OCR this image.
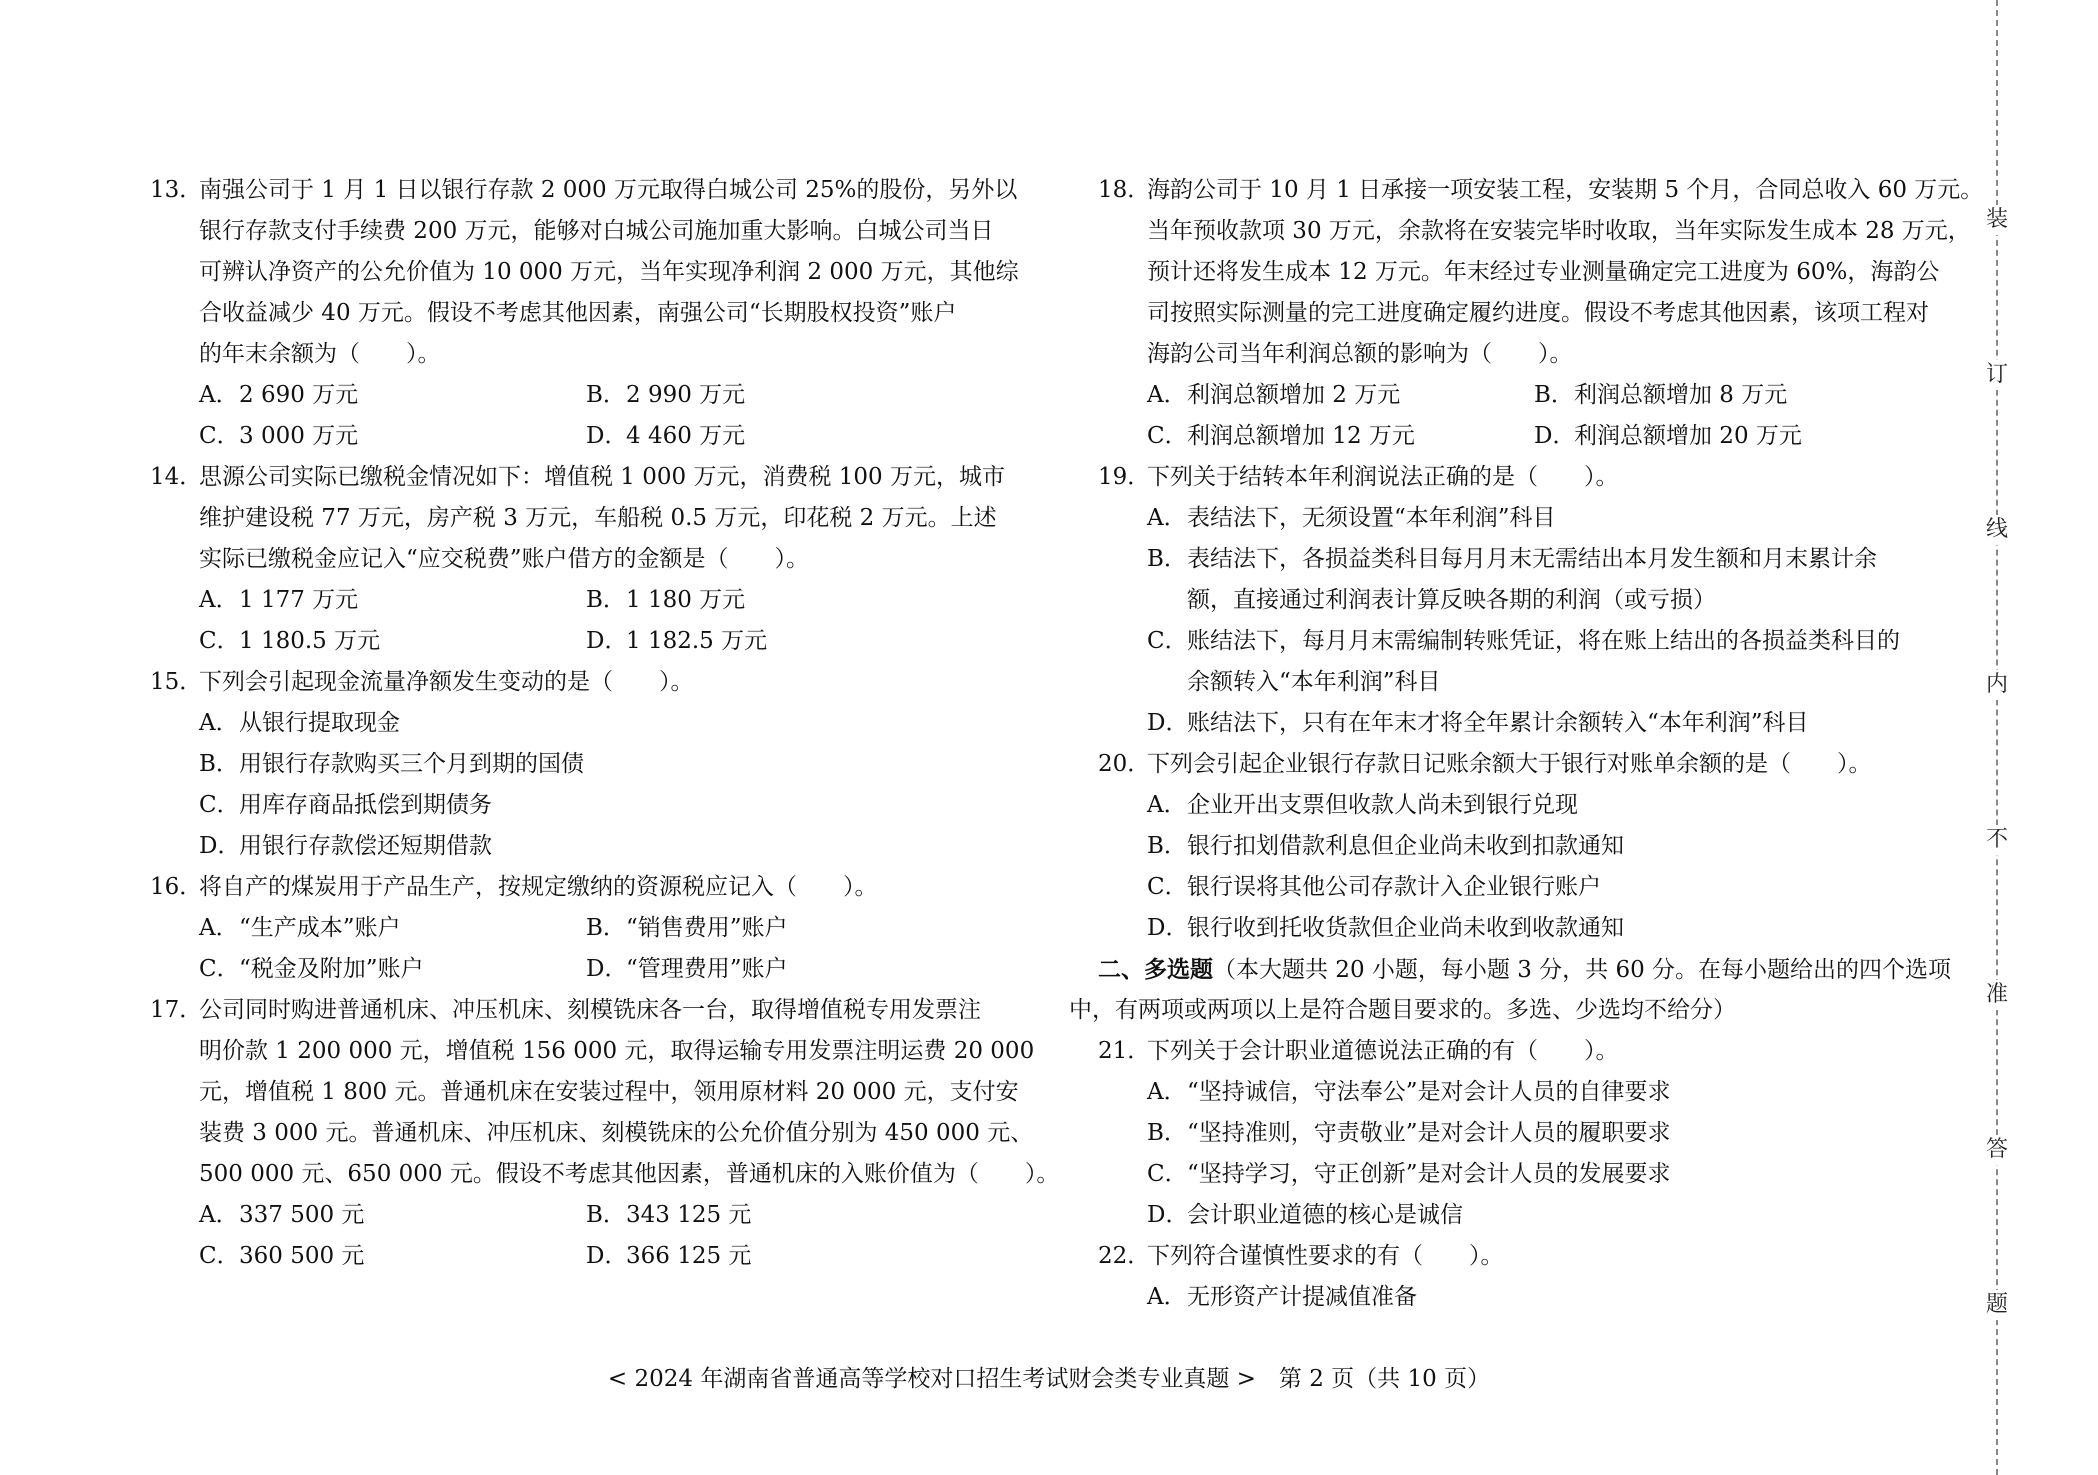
13．
南强公司于 1 月 1 日以银行存款 2 000 万元取得白城公司 25%的股份，另外以
银行存款支付手续费 200 万元，能够对白城公司施加重大影响。白城公司当日
可辨认净资产的公允价值为 10 000 万元，当年实现净利润 2 000 万元，其他综
合收益减少 40 万元。假设不考虑其他因素，南强公司“长期股权投资”账户
的年末余额为（　　）。
A．2 690 万元	B．2 990 万元
C．3 000 万元	D．4 460 万元
14．
思源公司实际已缴税金情况如下：增值税 1 000 万元，消费税 100 万元，城市
维护建设税 77 万元，房产税 3 万元，车船税 0.5 万元，印花税 2 万元。上述
实际已缴税金应记入“应交税费”账户借方的金额是（　　）。
A．1 177 万元	B．1 180 万元
C．1 180.5 万元	D．1 182.5 万元
15．
下列会引起现金流量净额发生变动的是（　　）。
A．从银行提取现金
B．用银行存款购买三个月到期的国债
C．用库存商品抵偿到期债务
D．用银行存款偿还短期借款
16．
将自产的煤炭用于产品生产，按规定缴纳的资源税应记入（　　）。
A．“生产成本”账户	B．“销售费用”账户
C．“税金及附加”账户	D．“管理费用”账户
17．
公司同时购进普通机床、冲压机床、刻模铣床各一台，取得增值税专用发票注
明价款 1 200 000 元，增值税 156 000 元，取得运输专用发票注明运费 20 000
元，增值税 1 800 元。普通机床在安装过程中，领用原材料 20 000 元，支付安
装费 3 000 元。普通机床、冲压机床、刻模铣床的公允价值分别为 450 000 元、
500 000 元、650 000 元。假设不考虑其他因素，普通机床的入账价值为（　　）。
A．337 500 元	B．343 125 元
C．360 500 元	D．366 125 元
18．
海韵公司于 10 月 1 日承接一项安装工程，安装期 5 个月，合同总收入 60 万元。
当年预收款项 30 万元，余款将在安装完毕时收取，当年实际发生成本 28 万元，
预计还将发生成本 12 万元。年末经过专业测量确定完工进度为 60%，海韵公
司按照实际测量的完工进度确定履约进度。假设不考虑其他因素，该项工程对
海韵公司当年利润总额的影响为（　　）。
A．利润总额增加 2 万元	B．利润总额增加 8 万元
C．利润总额增加 12 万元	D．利润总额增加 20 万元
19．
下列关于结转本年利润说法正确的是（　　）。
A．表结法下，无须设置“本年利润”科目
B．表结法下，各损益类科目每月月末无需结出本月发生额和月末累计余
额，直接通过利润表计算反映各期的利润（或亏损）
C．账结法下，每月月末需编制转账凭证，将在账上结出的各损益类科目的
余额转入“本年利润”科目
D．账结法下，只有在年末才将全年累计余额转入“本年利润”科目
20．
下列会引起企业银行存款日记账余额大于银行对账单余额的是（　　）。
A．企业开出支票但收款人尚未到银行兑现
B．银行扣划借款利息但企业尚未收到扣款通知
C．银行误将其他公司存款计入企业银行账户
D．银行收到托收货款但企业尚未收到收款通知
二、多选题（本大题共 20 小题，每小题 3 分，共 60 分。在每小题给出的四个选项
中，有两项或两项以上是符合题目要求的。多选、少选均不给分）
21．
下列关于会计职业道德说法正确的有（　　）。
A．“坚持诚信，守法奉公”是对会计人员的自律要求
B．“坚持准则，守责敬业”是对会计人员的履职要求
C．“坚持学习，守正创新”是对会计人员的发展要求
D．会计职业道德的核心是诚信
22．
下列符合谨慎性要求的有（　　）。
A．无形资产计提减值准备
装
订
线
内
不
准
答
题
< 2024 年湖南省普通高等学校对口招生考试财会类专业真题 >　第 2 页（共 10 页）
